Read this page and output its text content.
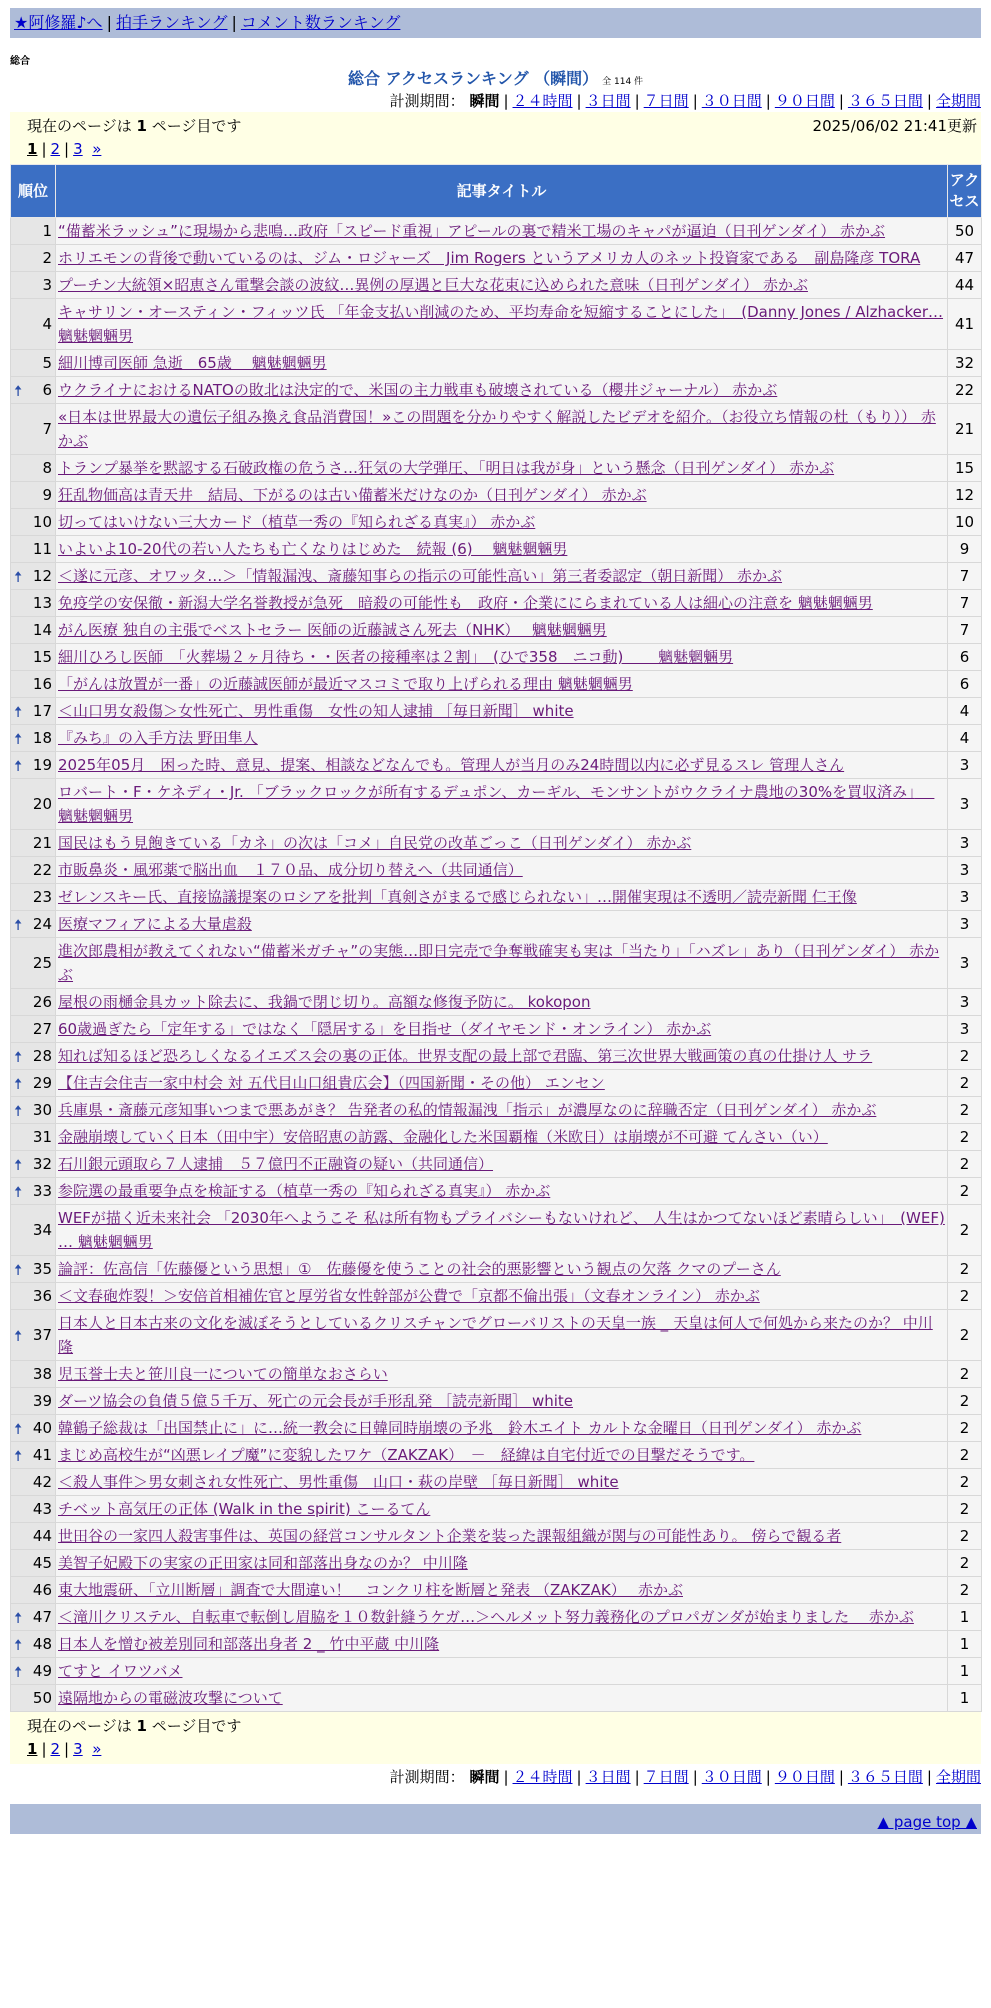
★阿修羅♪へ | 拍手ランキング | コメント数ランキング
総合
総合 アクセスランキング （瞬間） 全 114 件
計測期間： 瞬間 | ２４時間 | ３日間 | ７日間 | ３０日間 | ９０日間 | ３６５日間 | 全期間
現在のページは 1 ページ目です	2025/06/02 21:41更新
1 | 2 | 3 »
順位	記事タイトル	アクセス
1	“備蓄米ラッシュ”に現場から悲鳴…政府「スピード重視」アピールの裏で精米工場のキャパが逼迫（日刊ゲンダイ） 赤かぶ	50
2	ホリエモンの背後で動いているのは、ジム・ロジャーズ　Jim Rogers というアメリカ人のネット投資家である　副島隆彦 TORA	47
3	プーチン大統領×昭恵さん電撃会談の波紋…異例の厚遇と巨大な花束に込められた意味（日刊ゲンダイ） 赤かぶ	44
4	キャサリン・オースティン・フィッツ氏 「年金支払い削減のため、平均寿命を短縮することにした」　(Danny Jones / Alzhacker… 魑魅魍魎男	41
5	細川博司医師 急逝　65歳　 魑魅魍魎男	32

🠅 6	ウクライナにおけるNATOの敗北は決定的で、米国の主力戦車も破壊されている（櫻井ジャーナル） 赤かぶ	22
7	«日本は世界最大の遺伝子組み換え食品消費国！»この問題を分かりやすく解説したビデオを紹介。（お役立ち情報の杜（もり）） 赤かぶ	21
8	トランプ暴挙を黙認する石破政権の危うさ…狂気の大学弾圧、「明日は我が身」という懸念（日刊ゲンダイ） 赤かぶ	15
9	狂乱物価高は青天井　結局、下がるのは古い備蓄米だけなのか（日刊ゲンダイ） 赤かぶ	12
10	切ってはいけない三大カード（植草一秀の『知られざる真実』） 赤かぶ	10
11	いよいよ10-20代の若い人たちも亡くなりはじめた　続報 (6)　 魑魅魍魎男	9

🠅 12	＜遂に元彦、オワッタ…＞「情報漏洩、斎藤知事らの指示の可能性高い」第三者委認定（朝日新聞） 赤かぶ	7
13	免疫学の安保徹・新潟大学名誉教授が急死　暗殺の可能性も　政府・企業ににらまれている人は細心の注意を 魑魅魍魎男	7
14	がん医療 独自の主張でベストセラー 医師の近藤誠さん死去（NHK）　 魑魅魍魎男	7
15	細川ひろし医師　「火葬場２ヶ月待ち・・医者の接種率は２割」　(ひで358　ニコ動)　　 魑魅魍魎男	6
16	「がんは放置が一番」の近藤誠医師が最近マスコミで取り上げられる理由 魑魅魍魎男	6

🠅 17	＜山口男女殺傷＞女性死亡、男性重傷　女性の知人逮捕 ［毎日新聞］ white	4

🠅 18	『みち』の入手方法 野田隼人	4

🠅 19	2025年05月　困った時、意見、提案、相談などなんでも。管理人が当月のみ24時間以内に必ず見るスレ 管理人さん	3
20	ロバート・F・ケネディ・Jr. 「ブラックロックが所有するデュポン、カーギル、モンサントがウクライナ農地の30%を買収済み」　 魑魅魍魎男	3
21	国民はもう見飽きている「カネ」の次は「コメ」自民党の改革ごっこ（日刊ゲンダイ） 赤かぶ	3
22	市販鼻炎・風邪薬で脳出血　１７０品、成分切り替えへ（共同通信）	3
23	ゼレンスキー氏、直接協議提案のロシアを批判「真剣さがまるで感じられない」…開催実現は不透明／読売新聞 仁王像	3

🠅 24	医療マフィアによる大量虐殺	3
25	進次郎農相が教えてくれない“備蓄米ガチャ”の実態…即日完売で争奪戦確実も実は「当たり」「ハズレ」あり（日刊ゲンダイ） 赤かぶ	3
26	屋根の雨樋金具カット除去に、我鍋で閉じ切り。高額な修復予防に。 kokopon	3
27	60歳過ぎたら「定年する」ではなく「隠居する」を目指せ（ダイヤモンド・オンライン） 赤かぶ	3

🠅 28	知れば知るほど恐ろしくなるイエズス会の裏の正体。世界支配の最上部で君臨、第三次世界大戦画策の真の仕掛け人 サラ	2

🠅 29	【住吉会住吉一家中村会 対 五代目山口組貴広会】（四国新聞・その他） エンセン	2

🠅 30	兵庫県・斎藤元彦知事いつまで悪あがき？ 告発者の私的情報漏洩「指示」が濃厚なのに辞職否定（日刊ゲンダイ） 赤かぶ	2
31	金融崩壊していく日本（田中宇）安倍昭恵の訪露、金融化した米国覇権（米欧日）は崩壊が不可避 てんさい（い）	2

🠅 32	石川銀元頭取ら７人逮捕　５７億円不正融資の疑い（共同通信）	2

🠅 33	参院選の最重要争点を検証する（植草一秀の『知られざる真実』） 赤かぶ	2
34	WEFが描く近未来社会 「2030年へようこそ 私は所有物もプライバシーもないけれど、 人生はかつてないほど素晴らしい」　(WEF) … 魑魅魍魎男	2

🠅 35	論評：佐高信「佐藤優という思想」①　佐藤優を使うことの社会的悪影響という観点の欠落 クマのプーさん	2
36	＜文春砲炸裂！＞安倍首相補佐官と厚労省女性幹部が公費で「京都不倫出張」（文春オンライン） 赤かぶ	2

🠅 37	日本人と日本古来の文化を滅ぼそうとしているクリスチャンでグローバリストの天皇一族 _ 天皇は何人で何処から来たのか？ 中川隆	2
38	児玉誉士夫と笹川良一についての簡単なおさらい	2
39	ダーツ協会の負債５億５千万、死亡の元会長が手形乱発 ［読売新聞］ white	2

🠅 40	韓鶴子総裁は「出国禁止に」に…統一教会に日韓同時崩壊の予兆　鈴木エイト カルトな金曜日（日刊ゲンダイ） 赤かぶ	2

🠅 41	まじめ高校生が“凶悪レイプ魔”に変貌したワケ（ZAKZAK）　－　経緯は自宅付近での目撃だそうです。	2
42	＜殺人事件＞男女刺され女性死亡、男性重傷　山口・萩の岸壁 ［毎日新聞］ white	2
43	チベット高気圧の正体 (Walk in the spirit) こーるてん	2
44	世田谷の一家四人殺害事件は、英国の経営コンサルタント企業を装った課報組織が関与の可能性あり。 傍らで観る者	2
45	美智子妃殿下の実家の正田家は同和部落出身なのか？ 中川隆	2
46	東大地震研、「立川断層」調査で大間違い！　コンクリ柱を断層と発表 （ZAKZAK）　 赤かぶ	2

🠅 47	＜滝川クリステル、自転車で転倒し眉脇を１０数針縫うケガ…＞ヘルメット努力義務化のプロパガンダが始まりました　 赤かぶ	1

🠅 48	日本人を憎む被差別同和部落出身者 2 _ 竹中平蔵 中川隆	1

🠅 49	てすと イワツバメ	1
50	遠隔地からの電磁波攻撃について	1
現在のページは 1 ページ目です
1 | 2 | 3 »
計測期間： 瞬間 | ２４時間 | ３日間 | ７日間 | ３０日間 | ９０日間 | ３６５日間 | 全期間
▲ page top ▲
